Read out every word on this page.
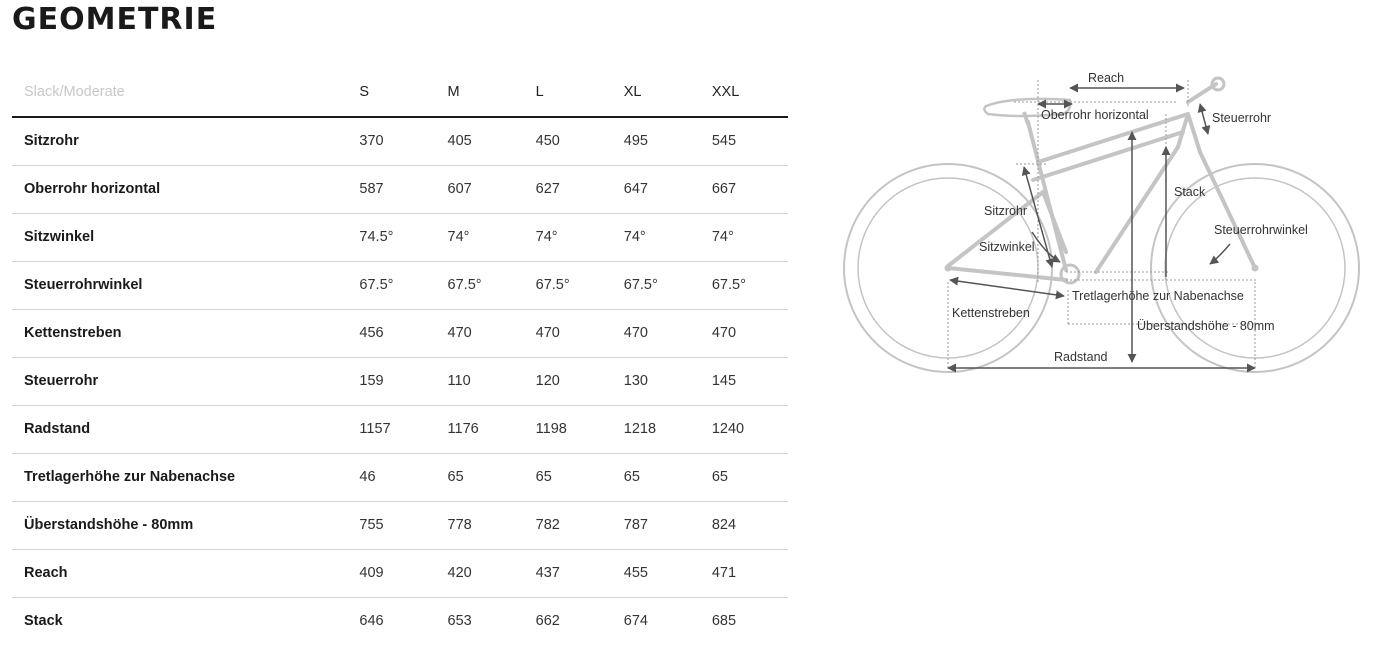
GEOMETRIE
Slack/Moderate	S	M	L	XL	XXL
Sitzrohr	370	405	450	495	545
Oberrohr horizontal	587	607	627	647	667
Sitzwinkel	74.5°	74°	74°	74°	74°
Steuerrohrwinkel	67.5°	67.5°	67.5°	67.5°	67.5°
Kettenstreben	456	470	470	470	470
Steuerrohr	159	110	120	130	145
Radstand	1157	1176	1198	1218	1240
Tretlagerhöhe zur Nabenachse	46	65	65	65	65
Überstandshöhe - 80mm	755	778	782	787	824
Reach	409	420	437	455	471
Stack	646	653	662	674	685
Reach
Oberrohr horizontal	Steuerrohr
Stack
Sitzrohr
Sitzwinkel
Steuerrohrwinkel
Tretlagerhöhe zur Nabenachse
Kettenstreben
Überstandshöhe - 80mm
Radstand
